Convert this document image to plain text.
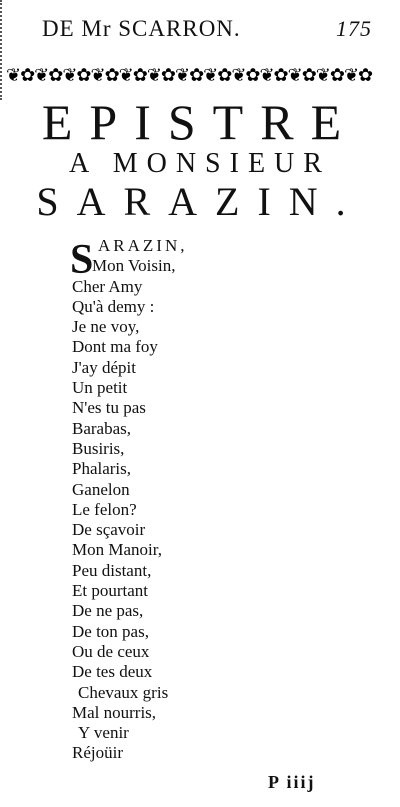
DE Mr SCARRON.	175
❦✿❦✿❦✿❦✿❦✿❦✿❦✿❦✿❦✿❦✿❦✿❦✿❦✿
EPISTRE
A MONSIEUR
SARAZIN.
S ARAZIN,
Mon Voisin,
Cher Amy
Qu'à demy :
Je ne voy,
Dont ma foy
J'ay dépit
Un petit
N'es tu pas
Barabas,
Busiris,
Phalaris,
Ganelon
Le felon?
De sçavoir
Mon Manoir,
Peu distant,
Et pourtant
De ne pas,
De ton pas,
Ou de ceux
De tes deux
Chevaux gris
Mal nourris,
Y venir
Réjoüir
P iiij
